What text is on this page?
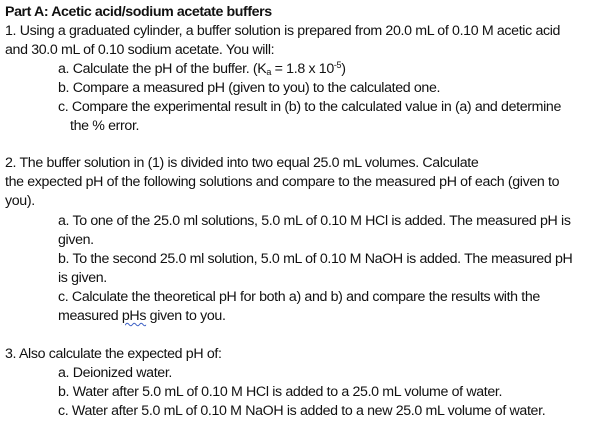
Part A: Acetic acid/sodium acetate buffers
1. Using a graduated cylinder, a buffer solution is prepared from 20.0 mL of 0.10 M acetic acid
and 30.0 mL of 0.10 sodium acetate. You will:
a. Calculate the pH of the buffer. ($K_a = 1.8$ x $10^{-5}$)
b. Compare a measured pH (given to you) to the calculated one.
c. Compare the experimental result in (b) to the calculated value in (a) and determine
the % error.
2. The buffer solution in (1) is divided into two equal 25.0 mL volumes. Calculate
the expected pH of the following solutions and compare to the measured pH of each (given to
you).
a. To one of the 25.0 ml solutions, 5.0 mL of 0.10 M HCl is added. The measured pH is
given.
b. To the second 25.0 ml solution, 5.0 mL of 0.10 M NaOH is added. The measured pH
is given.
c. Calculate the theoretical pH for both a) and b) and compare the results with the
measured pHs given to you.
3. Also calculate the expected pH of:
a. Deionized water.
b. Water after 5.0 mL of 0.10 M HCl is added to a 25.0 mL volume of water.
c. Water after 5.0 mL of 0.10 M NaOH is added to a new 25.0 mL volume of water.
